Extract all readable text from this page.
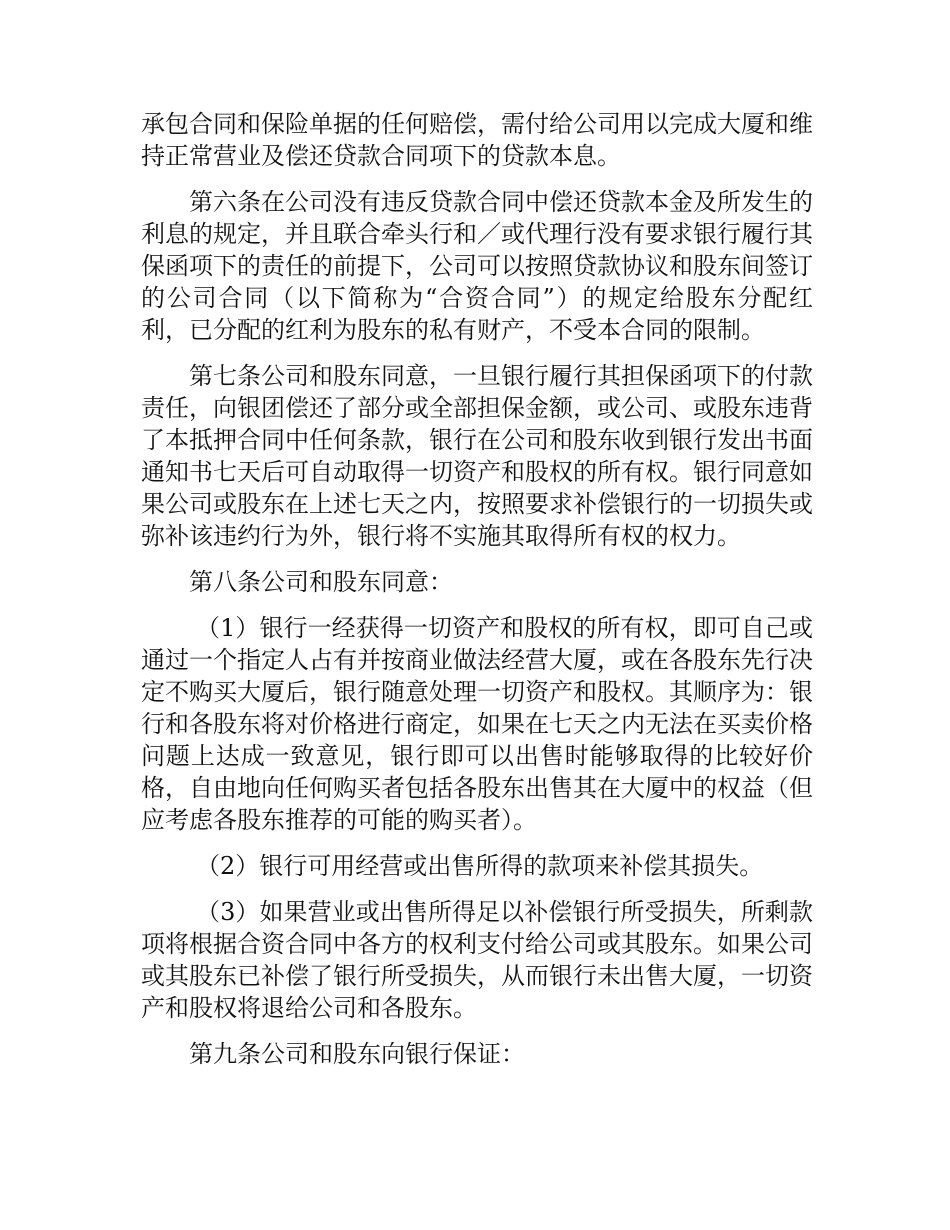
承包合同和保险单据的任何赔偿，需付给公司用以完成大厦和维持正常营业及偿还贷款合同项下的贷款本息。

第六条在公司没有违反贷款合同中偿还贷款本金及所发生的利息的规定，并且联合牵头行和／或代理行没有要求银行履行其保函项下的责任的前提下，公司可以按照贷款协议和股东间签订的公司合同（以下简称为“合资合同”）的规定给股东分配红利，已分配的红利为股东的私有财产，不受本合同的限制。

第七条公司和股东同意，一旦银行履行其担保函项下的付款责任，向银团偿还了部分或全部担保金额，或公司、或股东违背了本抵押合同中任何条款，银行在公司和股东收到银行发出书面通知书七天后可自动取得一切资产和股权的所有权。银行同意如果公司或股东在上述七天之内，按照要求补偿银行的一切损失或弥补该违约行为外，银行将不实施其取得所有权的权力。

第八条公司和股东同意：

（1）银行一经获得一切资产和股权的所有权，即可自己或通过一个指定人占有并按商业做法经营大厦，或在各股东先行决定不购买大厦后，银行随意处理一切资产和股权。其顺序为：银行和各股东将对价格进行商定，如果在七天之内无法在买卖价格问题上达成一致意见，银行即可以出售时能够取得的比较好价格，自由地向任何购买者包括各股东出售其在大厦中的权益（但应考虑各股东推荐的可能的购买者）。

（2）银行可用经营或出售所得的款项来补偿其损失。

（3）如果营业或出售所得足以补偿银行所受损失，所剩款项将根据合资合同中各方的权利支付给公司或其股东。如果公司或其股东已补偿了银行所受损失，从而银行未出售大厦，一切资产和股权将退给公司和各股东。

第九条公司和股东向银行保证：
